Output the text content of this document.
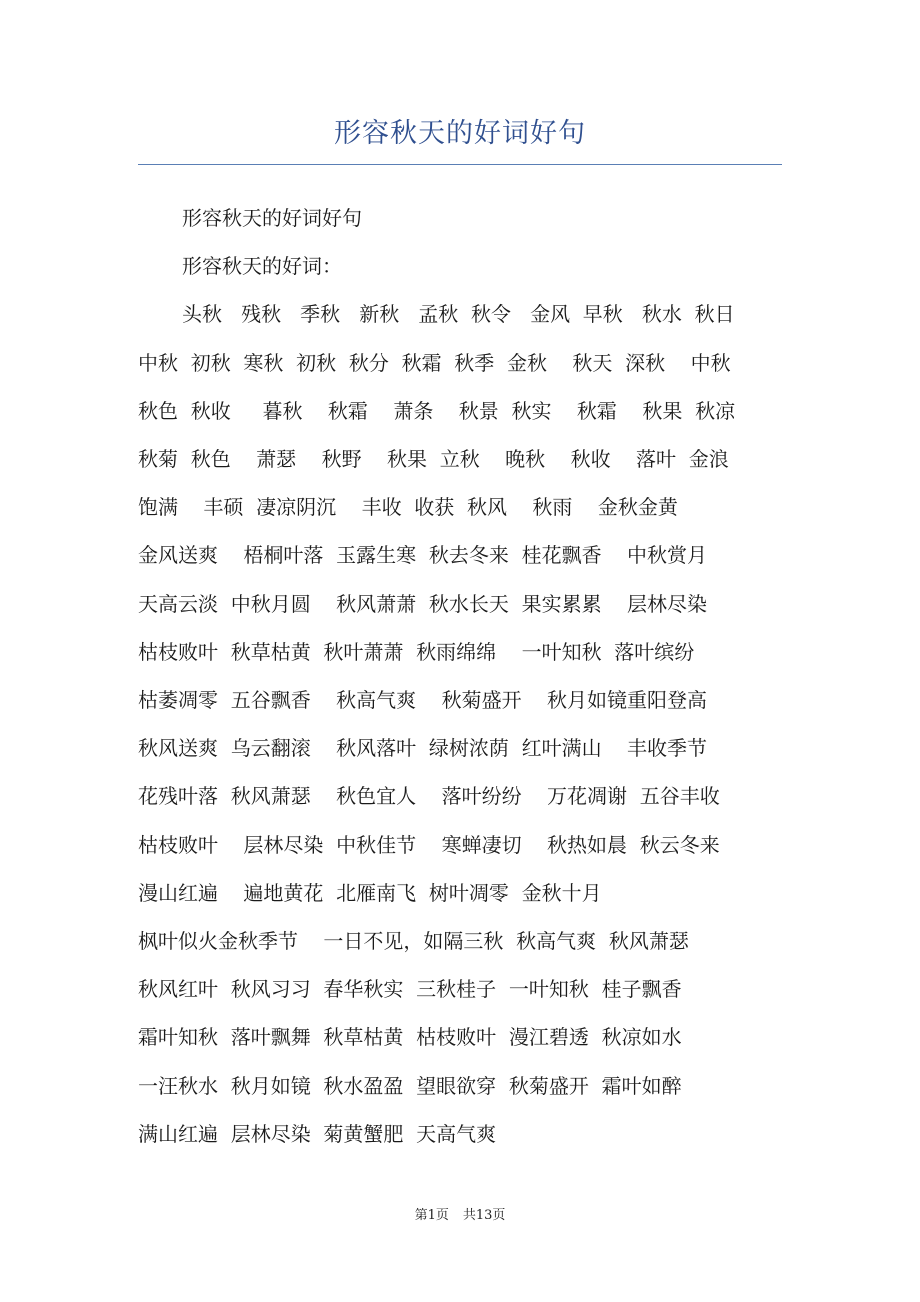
形容秋天的好词好句

形容秋天的好词好句

形容秋天的好词：

头秋   残秋   季秋   新秋   孟秋  秋令   金风  早秋   秋水  秋日

中秋  初秋  寒秋  初秋  秋分  秋霜  秋季  金秋    秋天  深秋    中秋

秋色  秋收     暮秋    秋霜    萧条    秋景  秋实    秋霜    秋果  秋凉

秋菊  秋色    萧瑟    秋野    秋果  立秋    晚秋    秋收    落叶  金浪

饱满    丰硕  凄凉阴沉    丰收  收获  秋风    秋雨    金秋金黄

金风送爽    梧桐叶落  玉露生寒  秋去冬来  桂花飘香    中秋赏月

天高云淡  中秋月圆    秋风萧萧  秋水长天  果实累累    层林尽染

枯枝败叶  秋草枯黄  秋叶萧萧  秋雨绵绵    一叶知秋  落叶缤纷

枯萎凋零  五谷飘香    秋高气爽    秋菊盛开    秋月如镜重阳登高

秋风送爽  乌云翻滚    秋风落叶  绿树浓荫  红叶满山    丰收季节

花残叶落  秋风萧瑟    秋色宜人    落叶纷纷    万花凋谢  五谷丰收

枯枝败叶    层林尽染  中秋佳节    寒蝉凄切    秋热如晨  秋云冬来

漫山红遍    遍地黄花  北雁南飞  树叶凋零  金秋十月

枫叶似火金秋季节    一日不见，如隔三秋  秋高气爽  秋风萧瑟

秋风红叶  秋风习习  春华秋实  三秋桂子  一叶知秋  桂子飘香

霜叶知秋  落叶飘舞  秋草枯黄  枯枝败叶  漫江碧透  秋凉如水

一汪秋水  秋月如镜  秋水盈盈  望眼欲穿  秋菊盛开  霜叶如醉

满山红遍  层林尽染  菊黄蟹肥  天高气爽

第1页 共13页
